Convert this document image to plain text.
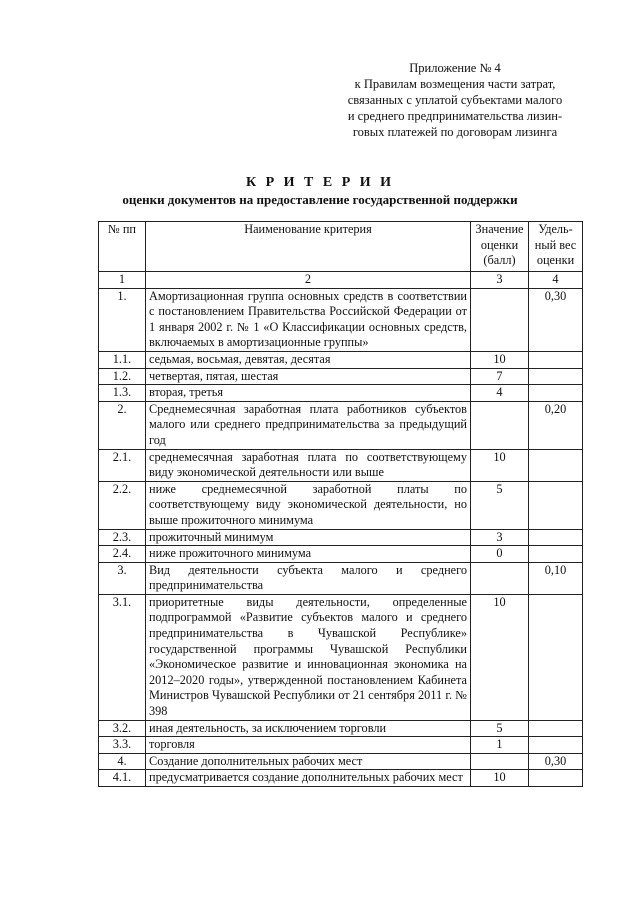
Приложение № 4
к Правилам возмещения части затрат,
связанных с уплатой субъектами малого
и среднего предпринимательства лизин-
говых платежей по договорам лизинга
К Р И Т Е Р И И
оценки документов на предоставление государственной поддержки
№ пп	Наименование критерия	Значение оценки (балл)	Удель-ный вес оценки
1	2	3	4
1.	Амортизационная группа основных средств в соответствии с постановлением Правительства Российской Федерации от 1 января 2002 г. № 1 «О Классификации основных средств, включаемых в амортизационные группы»		0,30
1.1.	седьмая, восьмая, девятая, десятая	10	
1.2.	четвертая, пятая, шестая	7	
1.3.	вторая, третья	4	
2.	Среднемесячная заработная плата работников субъектов малого или среднего предпринимательства за предыдущий год		0,20
2.1.	среднемесячная заработная плата по соответствующему виду экономической деятельности или выше	10	
2.2.	ниже среднемесячной заработной платы по соответствующему виду экономической деятельности, но выше прожиточного минимума	5	
2.3.	прожиточный минимум	3	
2.4.	ниже прожиточного минимума	0	
3.	Вид деятельности субъекта малого и среднего предпринимательства		0,10
3.1.	приоритетные виды деятельности, определенные подпрограммой «Развитие субъектов малого и среднего предпринимательства в Чувашской Республике» государственной программы Чувашской Республики «Экономическое развитие и инновационная экономика на 2012–2020 годы», утвержденной постановлением Кабинета Министров Чувашской Республики от 21 сентября 2011 г. № 398	10	
3.2.	иная деятельность, за исключением торговли	5	
3.3.	торговля	1	
4.	Создание дополнительных рабочих мест		0,30
4.1.	предусматривается создание дополнительных рабочих мест	10	
